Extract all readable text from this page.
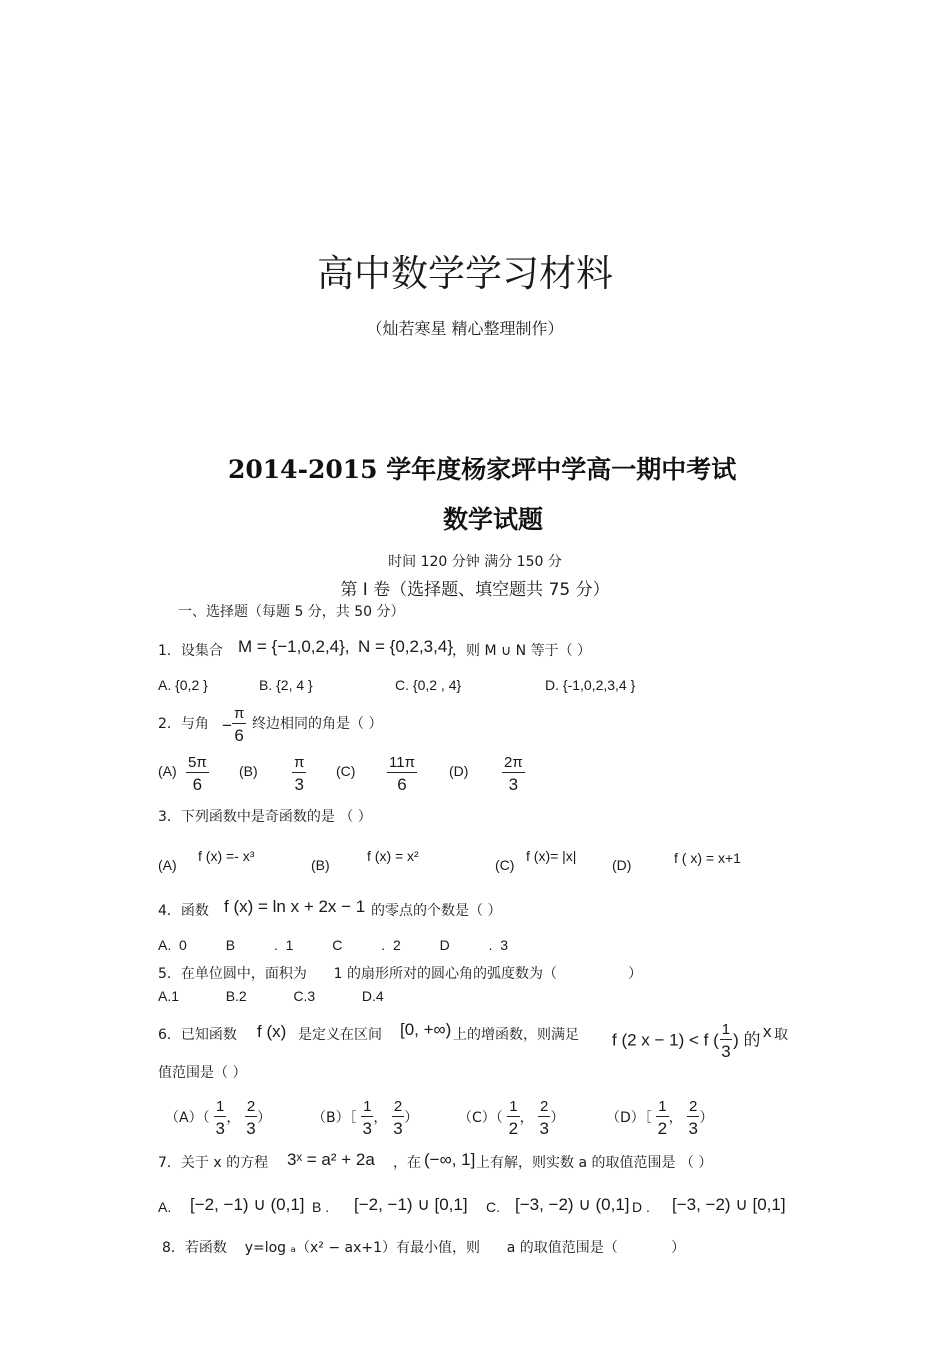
高中数学学习材料
（灿若寒星 精心整理制作）
2014-2015 学年度杨家坪中学高一期中考试
数学试题
时间 120 分钟 满分 150 分
第 I 卷（选择题、填空题共 75 分）
一、选择题（每题 5 分，共 50 分）
1．设集合 M = {−1,0,2,4}, N = {0,2,3,4} ，则 M ∪ N 等于（ ）
A. {0,2 }	B. {2, 4 }	C. {0,2 , 4}	D. {-1,0,2,3,4 }
2．与角 − $\frac{\pi}{6}$ 终边相同的角是（ ）
$(A) \frac{5\pi}{6} (B) \frac{\pi}{3} (C) \frac{11\pi}{6} (D) \frac{2\pi}{3}$
3．下列函数中是奇函数的是 （ ）
(A)
f (x) =- x³
(B)
f (x) = x²
(C)
f (x)= |x|
(D)	f ( x) = x+1
4．函数 f (x) = ln x + 2x − 1 的零点的个数是（ ）
A.  0          B          .  1          C          .  2          D          .  3
5．在单位圆中，面积为      1 的扇形所对的圆心角的弧度数为（                ）
A.1            B.2            C.3            D.4
6．已知函数 f (x) 是定义在区间 [0, +∞) 上的增函数，则满足 f (2 x − 1) < f ( $\frac{1}{3}$ ) 的 x 取
值范围是（ ）
$(A)( \frac{1}{3}$ ， $\frac{2}{3}$ ）	（B）［ $\frac{1}{3}$ ， $\frac{2}{3}$ ）	$(C)( \frac{1}{2}$ ， $\frac{2}{3}$ ）	（D）［ $\frac{1}{2}$ ， $\frac{2}{3}$ ）
7．关于 x 的方程 3ˣ = a² + 2a ，在 (−∞, 1] 上有解，则实数 a 的取值范围是 （ ）
A. [−2, −1) ∪ (0,1] B . [−2, −1) ∪ [0,1] C. [−3, −2) ∪ (0,1] D . [−3, −2) ∪ [0,1]
8．若函数    y=log ₐ（x² − ax+1）有最小值，则      a 的取值范围是（            ）
